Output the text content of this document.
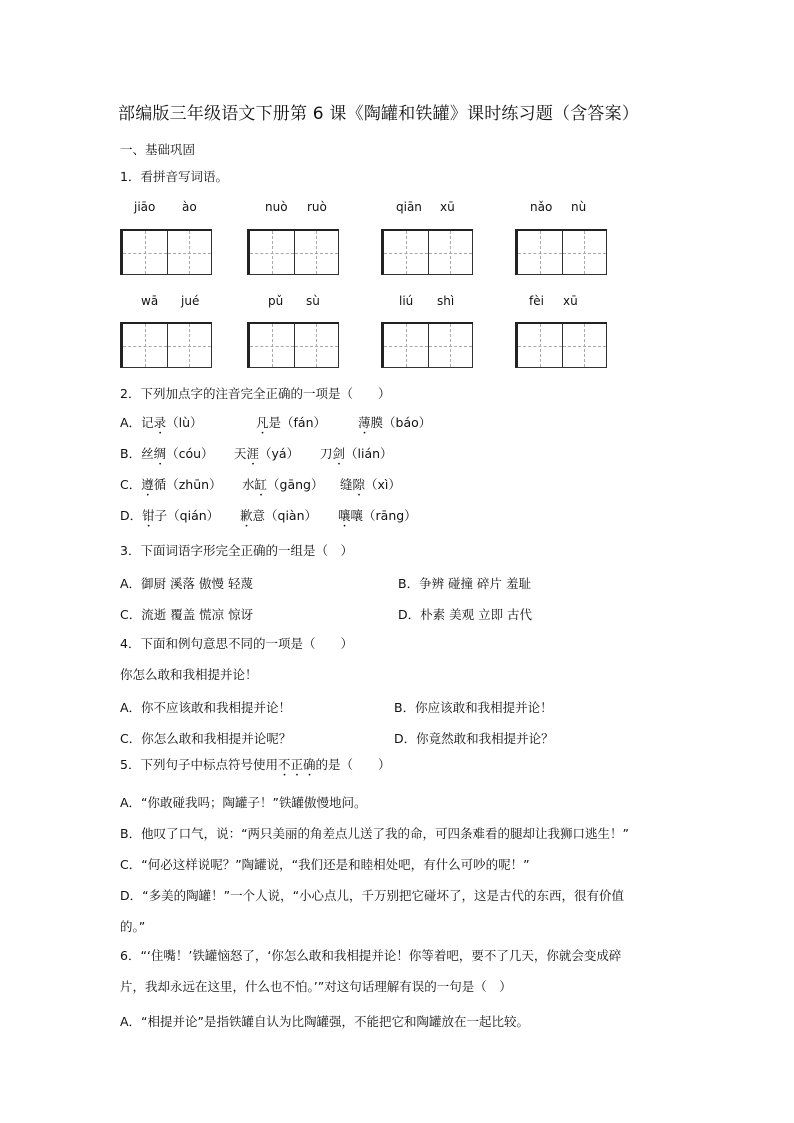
部编版三年级语文下册第 6 课《陶罐和铁罐》课时练习题（含答案）
一、基础巩固
1．看拼音写词语。
jiāo ào	nuò ruò	qiān xū	nǎo nù
wā jué	pǔ sù	liú shì	fèi xū
2．下列加点字的注音完全正确的一项是（　　）
A．记录（lù）	凡是（fán）	薄膜（báo）
B．丝绸（cóu） 天涯（yá） 刀剑（lián）
C．遵循（zhūn） 水缸（gāng） 缝隙（xì）
D．钳子（qián） 歉意（qiàn） 嚷嚷（rāng）
3．下面词语字形完全正确的一组是（　）
A．御厨 溪落 傲慢 轻蔑	B．争辨 碰撞 碎片 羞耻
C．流逝 覆盖 慌凉 惊讶	D．朴素 美观 立即 古代
4．下面和例句意思不同的一项是（　　）
你怎么敢和我相提并论！
A．你不应该敢和我相提并论！	B．你应该敢和我相提并论！
C．你怎么敢和我相提并论呢？	D．你竟然敢和我相提并论？
5．下列句子中标点符号使用不正确的是（　　）
A．“你敢碰我吗；陶罐子！”铁罐傲慢地问。
B．他叹了口气，说：“两只美丽的角差点儿送了我的命，可四条难看的腿却让我狮口逃生！”
C．“何必这样说呢？”陶罐说，“我们还是和睦相处吧，有什么可吵的呢！”
D．“多美的陶罐！”一个人说，“小心点儿，千万别把它碰坏了，这是古代的东西，很有价值
的。”
6．“‘住嘴！’铁罐恼怒了，‘你怎么敢和我相提并论！你等着吧，要不了几天，你就会变成碎
片，我却永远在这里，什么也不怕。’”对这句话理解有误的一句是（　）
A．“相提并论”是指铁罐自认为比陶罐强，不能把它和陶罐放在一起比较。
